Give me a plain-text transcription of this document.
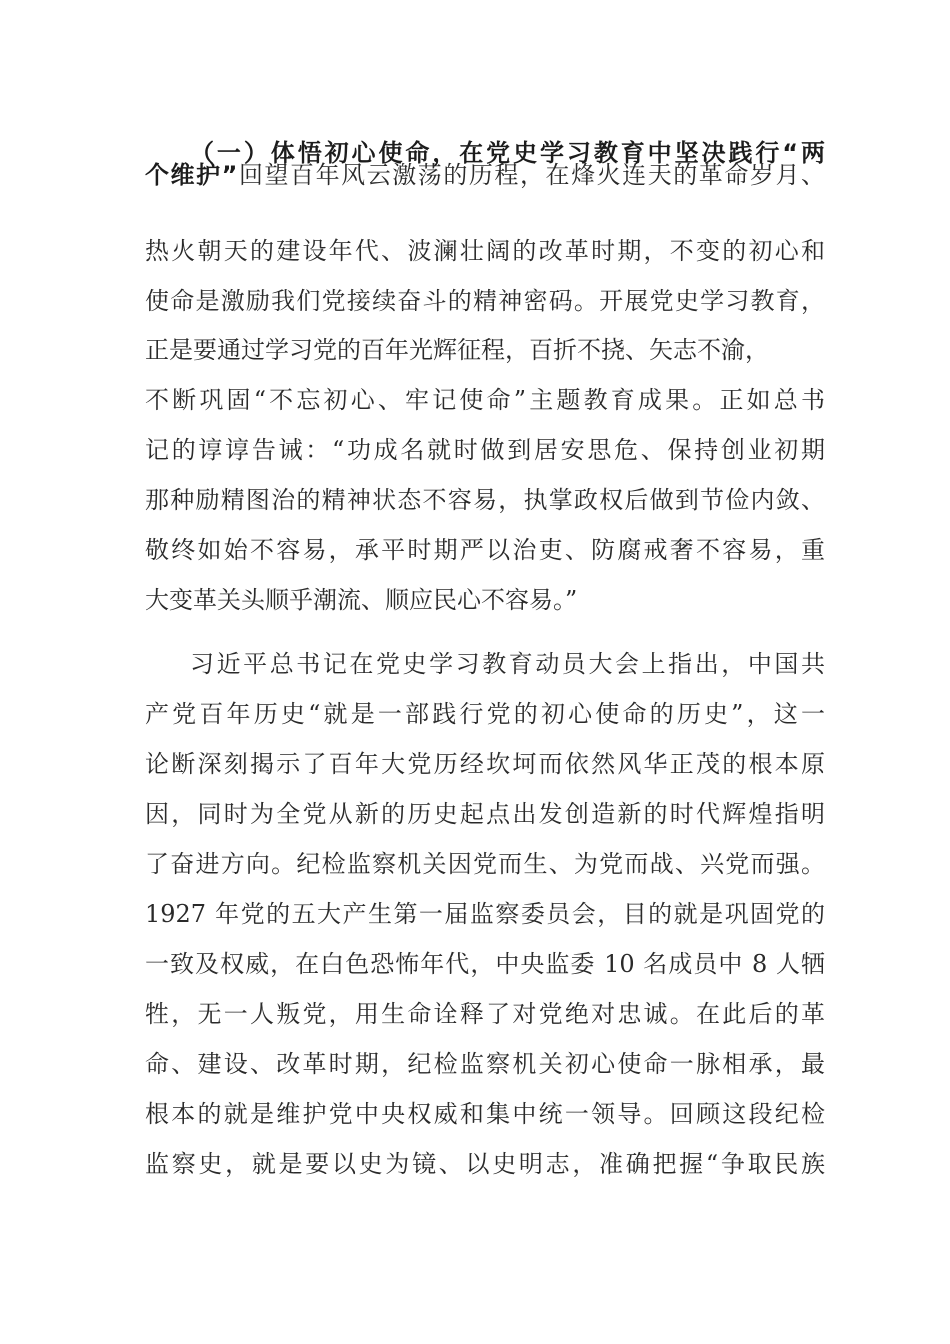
（一）体悟初心使命，在党史学习教育中坚决践行“两
个维护”回望百年风云激荡的历程，在烽火连天的革命岁月、
热火朝天的建设年代、波澜壮阔的改革时期，不变的初心和
使命是激励我们党接续奋斗的精神密码。开展党史学习教育，
正是要通过学习党的百年光辉征程，百折不挠、矢志不渝，
不断巩固“不忘初心、牢记使命”主题教育成果。正如总书
记的谆谆告诫：“功成名就时做到居安思危、保持创业初期
那种励精图治的精神状态不容易，执掌政权后做到节俭内敛、
敬终如始不容易，承平时期严以治吏、防腐戒奢不容易，重
大变革关头顺乎潮流、顺应民心不容易。”
习近平总书记在党史学习教育动员大会上指出，中国共
产党百年历史“就是一部践行党的初心使命的历史”，这一
论断深刻揭示了百年大党历经坎坷而依然风华正茂的根本原
因，同时为全党从新的历史起点出发创造新的时代辉煌指明
了奋进方向。纪检监察机关因党而生、为党而战、兴党而强。
1927 年党的五大产生第一届监察委员会，目的就是巩固党的
一致及权威，在白色恐怖年代，中央监委 10 名成员中 8 人牺
牲，无一人叛党，用生命诠释了对党绝对忠诚。在此后的革
命、建设、改革时期，纪检监察机关初心使命一脉相承，最
根本的就是维护党中央权威和集中统一领导。回顾这段纪检
监察史，就是要以史为镜、以史明志，准确把握“争取民族
